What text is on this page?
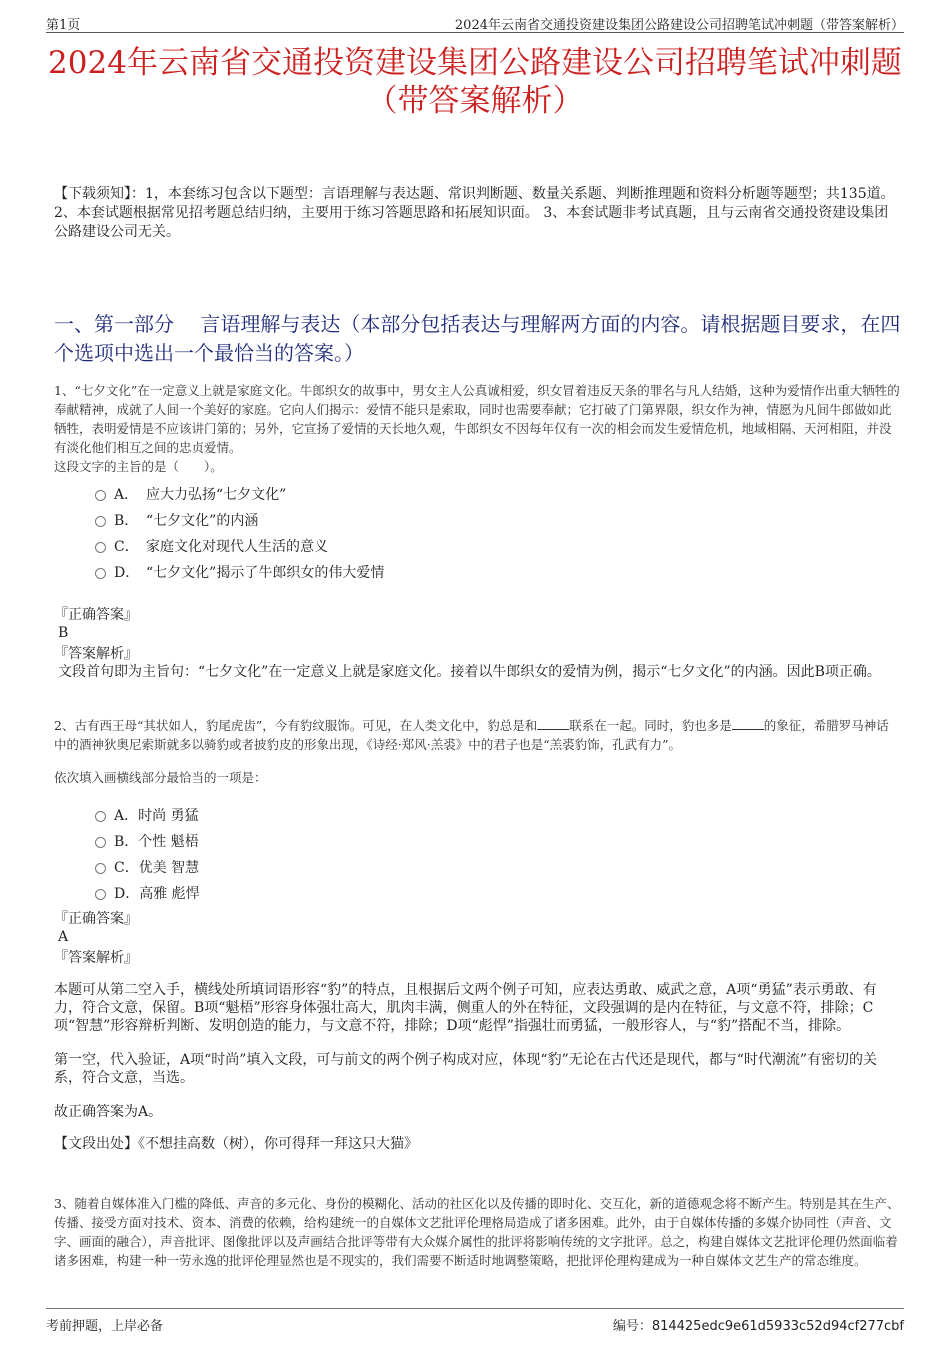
第1页	2024年云南省交通投资建设集团公路建设公司招聘笔试冲刺题（带答案解析）
2024年云南省交通投资建设集团公路建设公司招聘笔试冲刺题
（带答案解析）
【下载须知】：1，本套练习包含以下题型：言语理解与表达题、常识判断题、数量关系题、判断推理题和资料分析题等题型；共135道。 2、本套试题根据常见招考题总结归纳，主要用于练习答题思路和拓展知识面。 3、本套试题非考试真题，且与云南省交通投资建设集团公路建设公司无关。
一、第一部分　 言语理解与表达（本部分包括表达与理解两方面的内容。请根据题目要求，在四个选项中选出一个最恰当的答案。）
1、“七夕文化”在一定意义上就是家庭文化。牛郎织女的故事中，男女主人公真诚相爱，织女冒着违反天条的罪名与凡人结婚，这种为爱情作出重大牺牲的奉献精神，成就了人间一个美好的家庭。它向人们揭示：爱情不能只是索取，同时也需要奉献；它打破了门第界限，织女作为神，情愿为凡间牛郎做如此牺牲，表明爱情是不应该讲门第的；另外，它宣扬了爱情的天长地久观，牛郎织女不因每年仅有一次的相会而发生爱情危机，地域相隔、天河相阻，并没有淡化他们相互之间的忠贞爱情。
这段文字的主旨的是（　　）。
A． 应大力弘扬“七夕文化”
B． “七夕文化”的内涵
C． 家庭文化对现代人生活的意义
D． “七夕文化”揭示了牛郎织女的伟大爱情
『正确答案』
B
『答案解析』
文段首句即为主旨句：“七夕文化”在一定意义上就是家庭文化。接着以牛郎织女的爱情为例，揭示“七夕文化”的内涵。因此B项正确。
2、古有西王母“其状如人，豹尾虎齿”，今有豹纹服饰。可见，在人类文化中，豹总是和	联系在一起。同时，豹也多是	的象征，希腊罗马神话中的酒神狄奥尼索斯就多以骑豹或者披豹皮的形象出现，《诗经·郑风·羔裘》中的君子也是“羔裘豹饰，孔武有力”。
依次填入画横线部分最恰当的一项是：
A．时尚 勇猛
B．个性 魁梧
C．优美 智慧
D．高雅 彪悍
『正确答案』
A
『答案解析』
本题可从第二空入手，横线处所填词语形容“豹”的特点，且根据后文两个例子可知，应表达勇敢、威武之意，A项“勇猛”表示勇敢、有力，符合文意，保留。B项“魁梧”形容身体强壮高大，肌肉丰满，侧重人的外在特征，文段强调的是内在特征，与文意不符，排除；C项“智慧”形容辩析判断、发明创造的能力，与文意不符，排除；D项“彪悍”指强壮而勇猛，一般形容人，与“豹”搭配不当，排除。
第一空，代入验证，A项“时尚”填入文段，可与前文的两个例子构成对应，体现“豹”无论在古代还是现代，都与“时代潮流”有密切的关系，符合文意，当选。
故正确答案为A。
【文段出处】《不想挂高数（树），你可得拜一拜这只大猫》
3、随着自媒体准入门槛的降低、声音的多元化、身份的模糊化、活动的社区化以及传播的即时化、交互化，新的道德观念将不断产生。特别是其在生产、传播、接受方面对技术、资本、消费的依赖，给构建统一的自媒体文艺批评伦理格局造成了诸多困难。此外，由于自媒体传播的多媒介协同性（声音、文字、画面的融合），声音批评、图像批评以及声画结合批评等带有大众媒介属性的批评将影响传统的文字批评。总之，构建自媒体文艺批评伦理仍然面临着诸多困难，构建一种一劳永逸的批评伦理显然也是不现实的，我们需要不断适时地调整策略，把批评伦理构建成为一种自媒体文艺生产的常态维度。
考前押题，上岸必备	编号：814425edc9e61d5933c52d94cf277cbf
